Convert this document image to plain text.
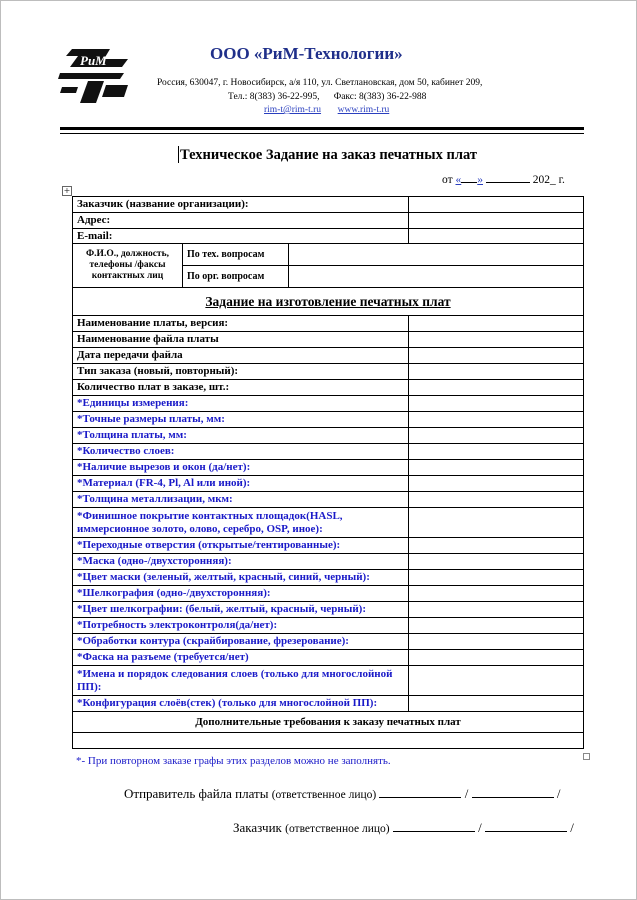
РиМ	ООО «РиМ-Технологии»
Россия, 630047, г. Новосибирск, а/я 110, ул. Светлановская, дом 50, кабинет 209,
Тел.: 8(383) 36-22-995, Факс: 8(383) 36-22-988
rim-t@rim-t.ru www.rim-t.ru
Техническое Задание на заказ печатных плат
от « »	202_ г.
+
Заказчик (название организации):			
Адрес:			
E-mail:			
Ф.И.О., должность, телефоны /факсы контактных лиц	По тех. вопросам		
	По орг. вопросам		
Задание на изготовление печатных плат			
Наименование платы, версия:			
Наименование файла платы			
Дата передачи файла			
Тип заказа (новый, повторный):			
Количество плат в заказе, шт.:			
*Единицы измерения:			
*Точные размеры платы, мм:			
*Толщина платы, мм:			
*Количество слоев:			
*Наличие вырезов и окон (да/нет):			
*Материал (FR-4, Pl, Al или иной):			
*Толщина металлизации, мкм:			
*Финишное покрытие контактных площадок(HASL, иммерсионное золото, олово, серебро, OSP, иное):			
*Переходные отверстия (открытые/тентированные):			
*Маска (одно-/двухсторонняя):			
*Цвет маски (зеленый, желтый, красный, синий, черный):			
*Шелкография (одно-/двухсторонняя):			
*Цвет шелкографии: (белый, желтый, красный, черный):			
*Потребность электроконтроля(да/нет):			
*Обработки контура (скрайбирование, фрезерование):			
*Фаска на разъеме (требуется/нет)			
*Имена и порядок следования слоев (только для многослойной ПП):			
*Конфигурация слоёв(стек) (только для многослойной ПП):			
Дополнительные требования к заказу печатных плат			

*- При повторном заказе графы этих разделов можно не заполнять.
Отправитель файла платы (ответственное лицо)	/	/
Заказчик (ответственное лицо)	/	/
